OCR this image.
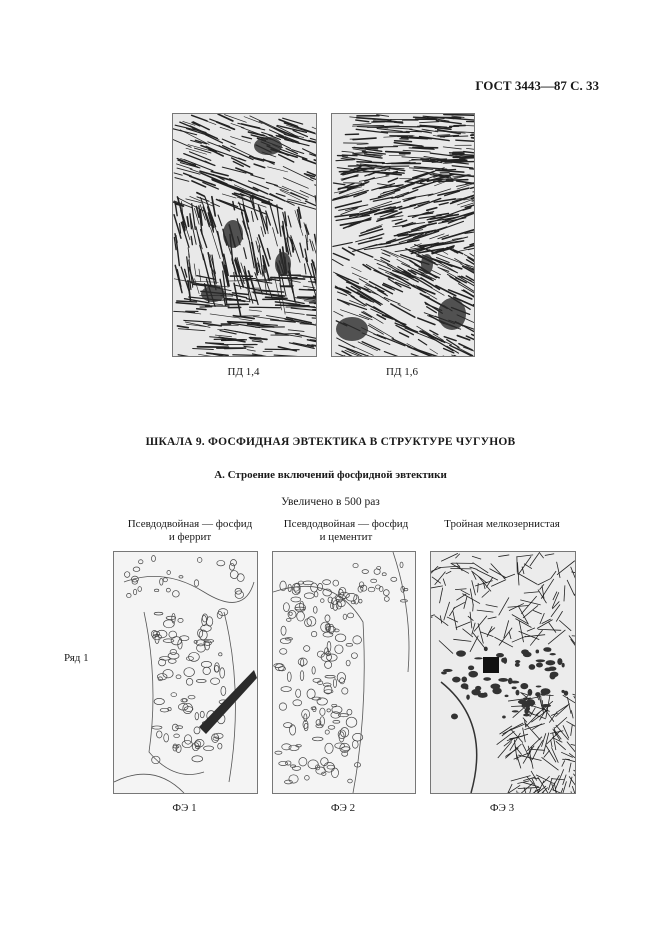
ГОСТ 3443—87 С. 33
ПД 1,4	ПД 1,6
ШКАЛА 9. ФОСФИДНАЯ ЭВТЕКТИКА В СТРУКТУРЕ ЧУГУНОВ
А. Строение включений фосфидной эвтектики
Увеличено в 500 раз
Псевдодвойная — фосфид
и феррит
Псевдодвойная — фосфид
и цементит
Тройная мелкозернистая
Ряд 1
ФЭ 1	ФЭ 2	ФЭ 3
